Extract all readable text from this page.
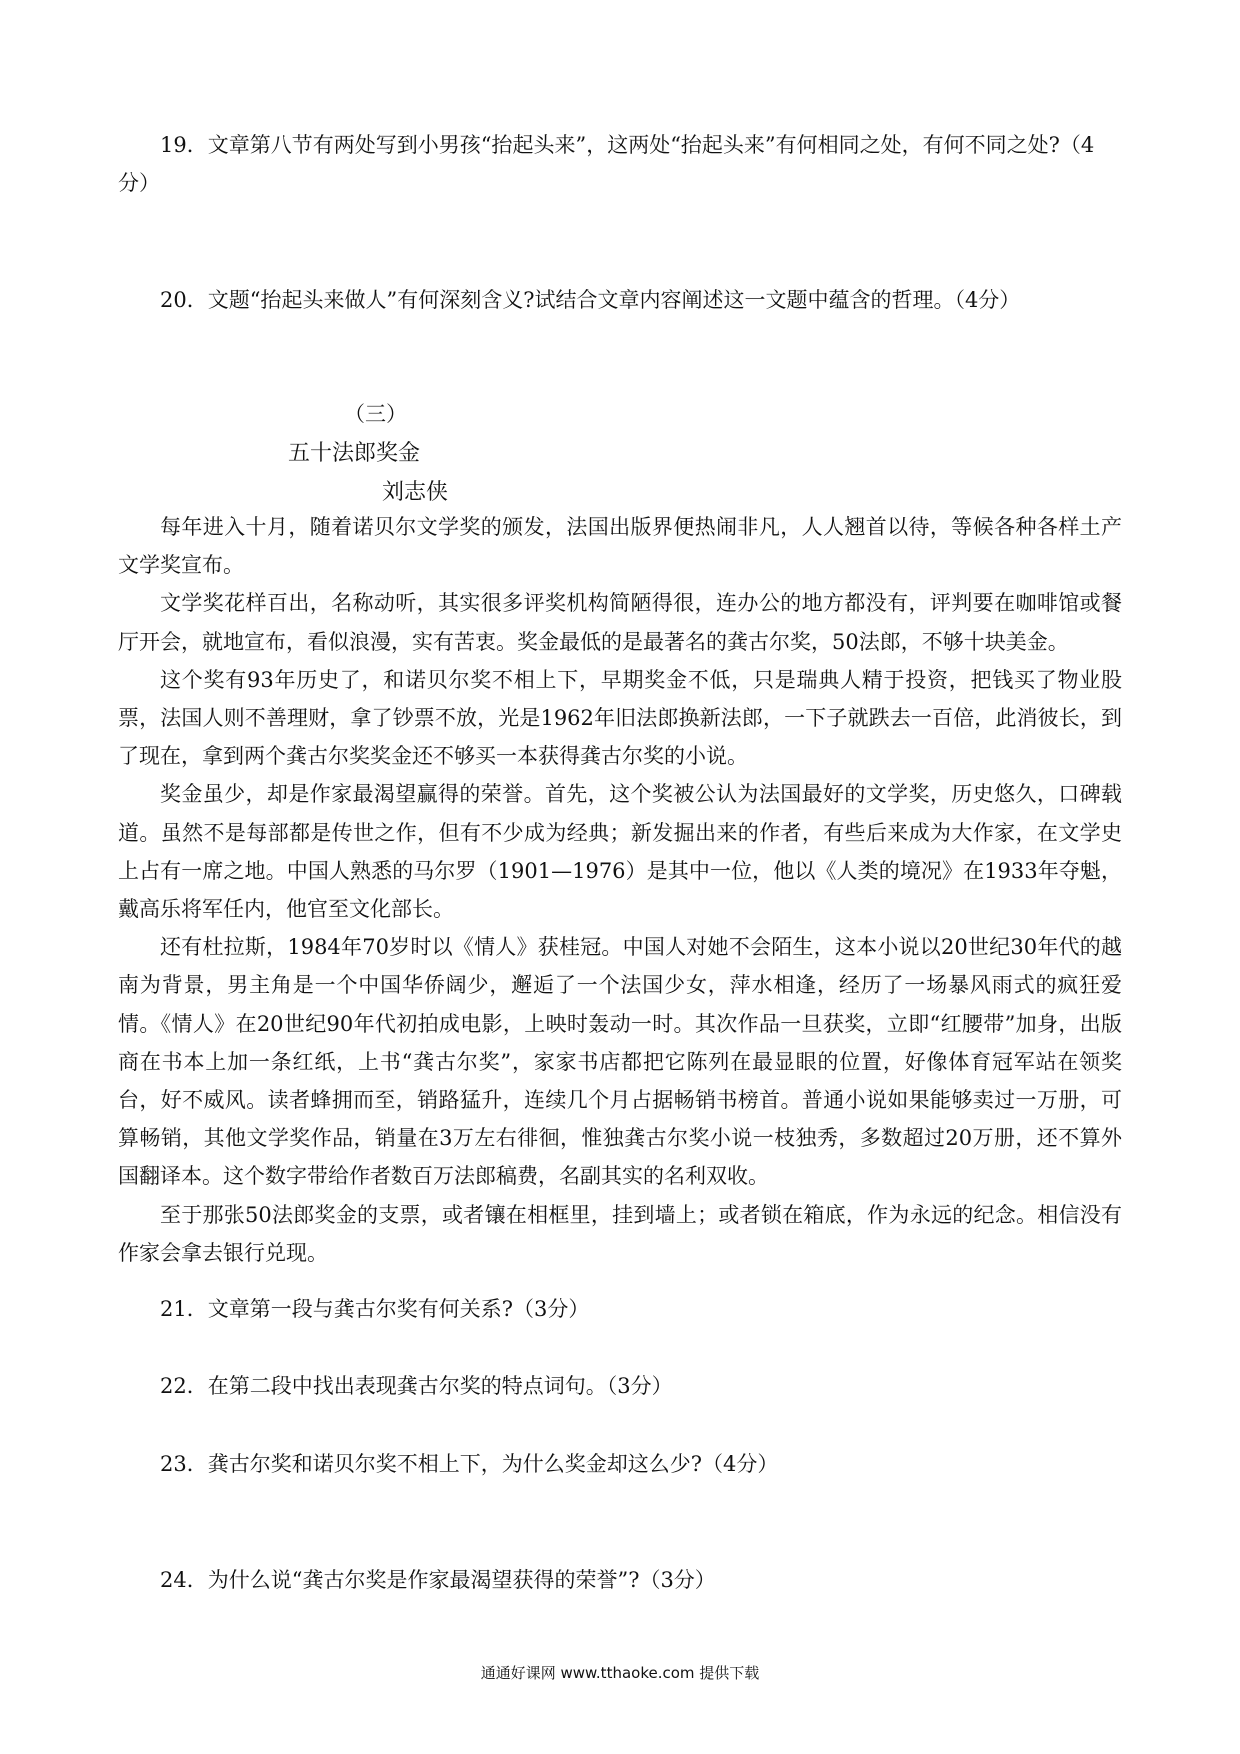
19．文章第八节有两处写到小男孩“抬起头来”，这两处“抬起头来”有何相同之处，有何不同之处?（4分）

20．文题“抬起头来做人”有何深刻含义?试结合文章内容阐述这一文题中蕴含的哲理。（4分）

（三）

五十法郎奖金

刘志侠

每年进入十月，随着诺贝尔文学奖的颁发，法国出版界便热闹非凡，人人翘首以待，等候各种各样土产文学奖宣布。

文学奖花样百出，名称动听，其实很多评奖机构简陋得很，连办公的地方都没有，评判要在咖啡馆或餐厅开会，就地宣布，看似浪漫，实有苦衷。奖金最低的是最著名的龚古尔奖，50法郎，不够十块美金。

这个奖有93年历史了，和诺贝尔奖不相上下，早期奖金不低，只是瑞典人精于投资，把钱买了物业股票，法国人则不善理财，拿了钞票不放，光是1962年旧法郎换新法郎，一下子就跌去一百倍，此消彼长，到了现在，拿到两个龚古尔奖奖金还不够买一本获得龚古尔奖的小说。

奖金虽少，却是作家最渴望赢得的荣誉。首先，这个奖被公认为法国最好的文学奖，历史悠久，口碑载道。虽然不是每部都是传世之作，但有不少成为经典；新发掘出来的作者，有些后来成为大作家，在文学史上占有一席之地。中国人熟悉的马尔罗（1901—1976）是其中一位，他以《人类的境况》在1933年夺魁，戴高乐将军任内，他官至文化部长。

还有杜拉斯，1984年70岁时以《情人》获桂冠。中国人对她不会陌生，这本小说以20世纪30年代的越南为背景，男主角是一个中国华侨阔少，邂逅了一个法国少女，萍水相逢，经历了一场暴风雨式的疯狂爱情。《情人》在20世纪90年代初拍成电影，上映时轰动一时。其次作品一旦获奖，立即“红腰带”加身，出版商在书本上加一条红纸，上书“龚古尔奖”，家家书店都把它陈列在最显眼的位置，好像体育冠军站在领奖台，好不威风。读者蜂拥而至，销路猛升，连续几个月占据畅销书榜首。普通小说如果能够卖过一万册，可算畅销，其他文学奖作品，销量在3万左右徘徊，惟独龚古尔奖小说一枝独秀，多数超过20万册，还不算外国翻译本。这个数字带给作者数百万法郎稿费，名副其实的名利双收。

至于那张50法郎奖金的支票，或者镶在相框里，挂到墙上；或者锁在箱底，作为永远的纪念。相信没有作家会拿去银行兑现。

21．文章第一段与龚古尔奖有何关系?（3分）

22．在第二段中找出表现龚古尔奖的特点词句。（3分）

23．龚古尔奖和诺贝尔奖不相上下，为什么奖金却这么少?（4分）

24．为什么说“龚古尔奖是作家最渴望获得的荣誉”?（3分）

通通好课网 www.tthaoke.com 提供下载
